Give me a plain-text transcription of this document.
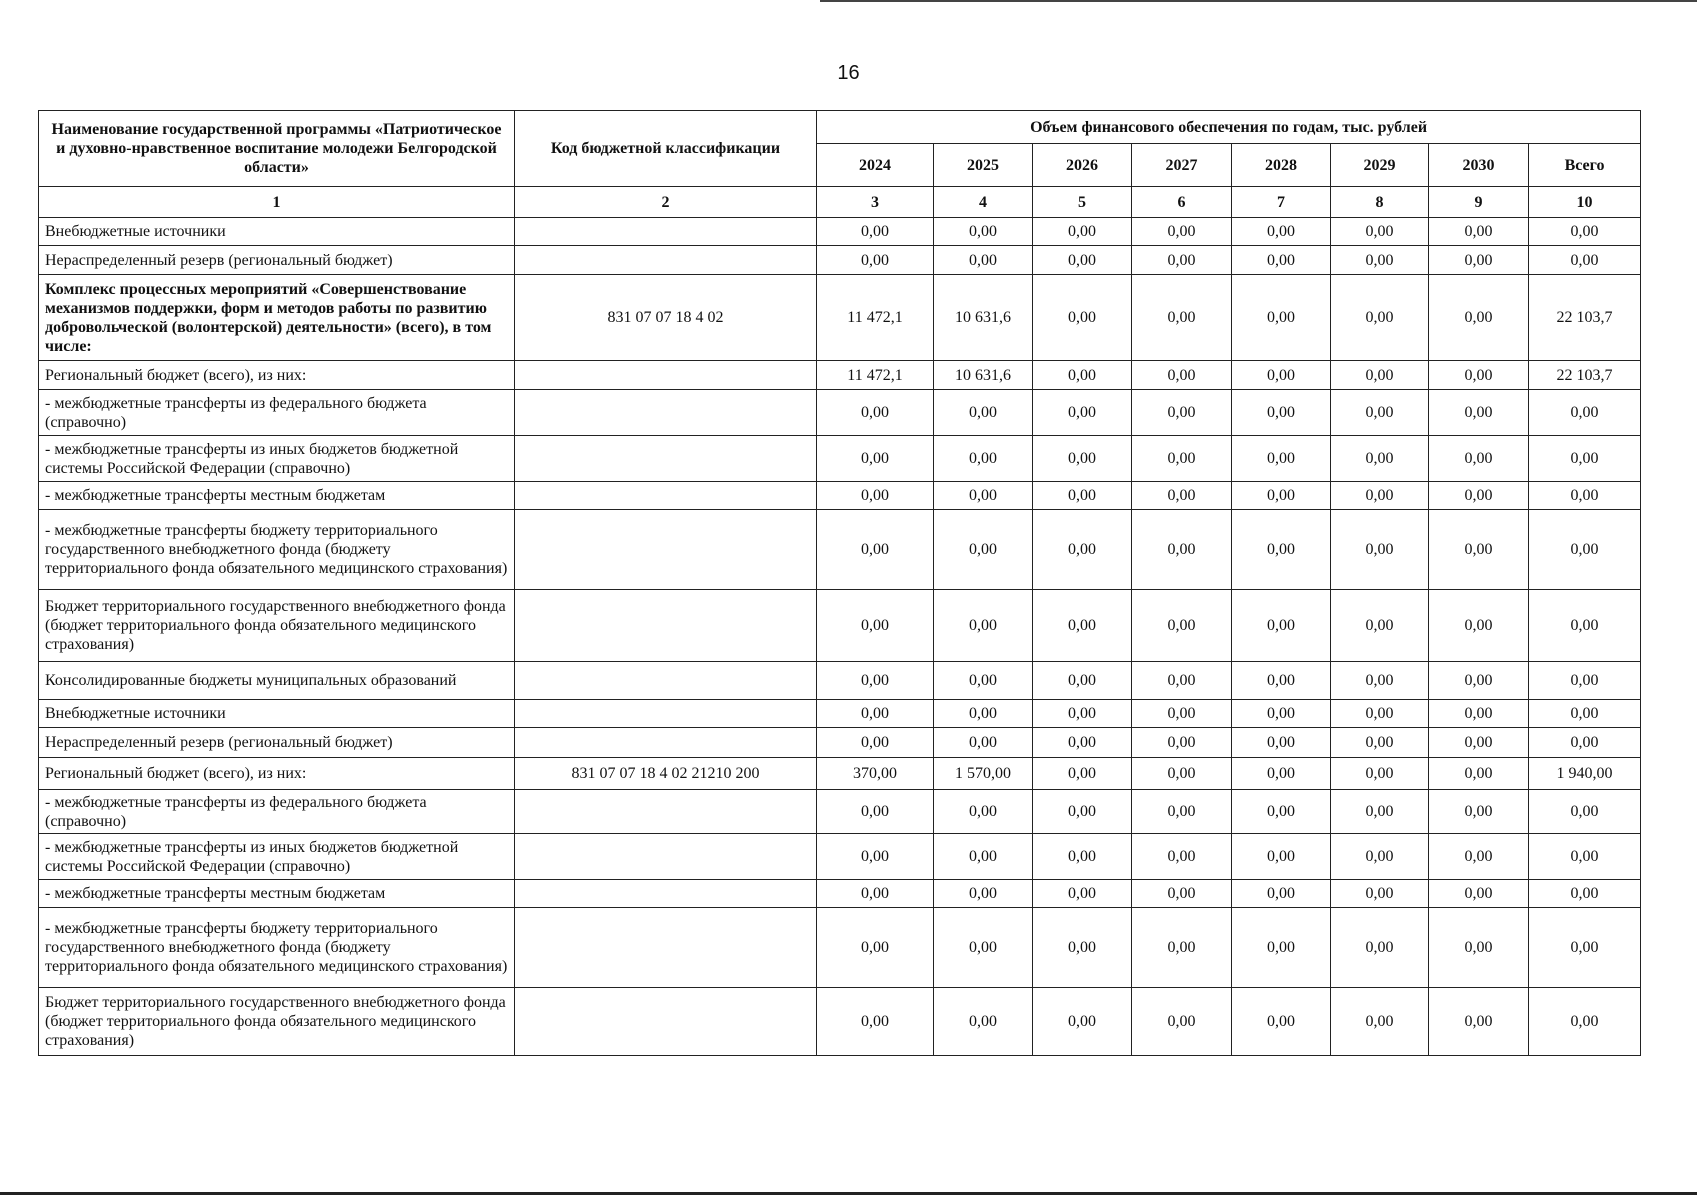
16
Наименование государственной программы «Патриотическое и духовно-нравственное воспитание молодежи Белгородской области»	Код бюджетной классификации	Объем финансового обеспечения по годам, тыс. рублей							
		2024	2025	2026	2027	2028	2029	2030	Всего
1	2	3	4	5	6	7	8	9	10
Внебюджетные источники		0,00	0,00	0,00	0,00	0,00	0,00	0,00	0,00
Нераспределенный резерв (региональный бюджет)		0,00	0,00	0,00	0,00	0,00	0,00	0,00	0,00
Комплекс процессных мероприятий «Совершенствование механизмов поддержки, форм и методов работы по развитию добровольческой (волонтерской) деятельности» (всего), в том числе:	831 07 07 18 4 02	11 472,1	10 631,6	0,00	0,00	0,00	0,00	0,00	22 103,7
Региональный бюджет (всего), из них:		11 472,1	10 631,6	0,00	0,00	0,00	0,00	0,00	22 103,7
- межбюджетные трансферты из федерального бюджета (справочно)		0,00	0,00	0,00	0,00	0,00	0,00	0,00	0,00
- межбюджетные трансферты из иных бюджетов бюджетной системы Российской Федерации (справочно)		0,00	0,00	0,00	0,00	0,00	0,00	0,00	0,00
- межбюджетные трансферты местным бюджетам		0,00	0,00	0,00	0,00	0,00	0,00	0,00	0,00
- межбюджетные трансферты бюджету территориального государственного внебюджетного фонда (бюджету территориального фонда обязательного медицинского страхования)		0,00	0,00	0,00	0,00	0,00	0,00	0,00	0,00
Бюджет территориального государственного внебюджетного фонда (бюджет территориального фонда обязательного медицинского страхования)		0,00	0,00	0,00	0,00	0,00	0,00	0,00	0,00
Консолидированные бюджеты муниципальных образований		0,00	0,00	0,00	0,00	0,00	0,00	0,00	0,00
Внебюджетные источники		0,00	0,00	0,00	0,00	0,00	0,00	0,00	0,00
Нераспределенный резерв (региональный бюджет)		0,00	0,00	0,00	0,00	0,00	0,00	0,00	0,00
Региональный бюджет (всего), из них:	831 07 07 18 4 02 21210 200	370,00	1 570,00	0,00	0,00	0,00	0,00	0,00	1 940,00
- межбюджетные трансферты из федерального бюджета (справочно)		0,00	0,00	0,00	0,00	0,00	0,00	0,00	0,00
- межбюджетные трансферты из иных бюджетов бюджетной системы Российской Федерации (справочно)		0,00	0,00	0,00	0,00	0,00	0,00	0,00	0,00
- межбюджетные трансферты местным бюджетам		0,00	0,00	0,00	0,00	0,00	0,00	0,00	0,00
- межбюджетные трансферты бюджету территориального государственного внебюджетного фонда (бюджету территориального фонда обязательного медицинского страхования)		0,00	0,00	0,00	0,00	0,00	0,00	0,00	0,00
Бюджет территориального государственного внебюджетного фонда (бюджет территориального фонда обязательного медицинского страхования)		0,00	0,00	0,00	0,00	0,00	0,00	0,00	0,00
